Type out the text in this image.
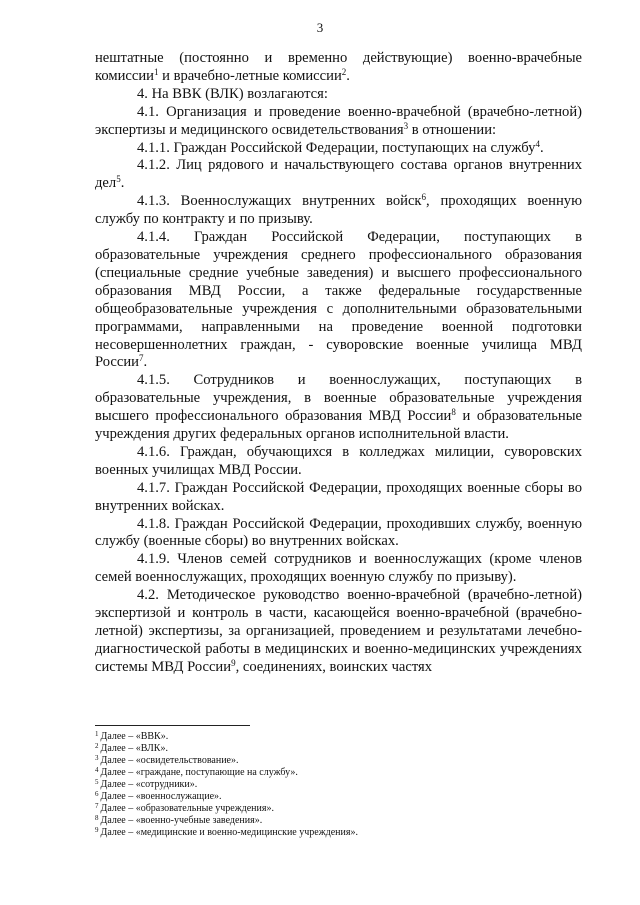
3

нештатные (постоянно и временно действующие) военно-врачебные комиссии$^1$ и врачебно-летные комиссии$^2$.

4. На ВВК (ВЛК) возлагаются:

4.1. Организация и проведение военно-врачебной (врачебно-летной) экспертизы и медицинского освидетельствования$^3$ в отношении:

4.1.1. Граждан Российской Федерации, поступающих на службу$^4$.

4.1.2. Лиц рядового и начальствующего состава органов внутренних дел$^5$.

4.1.3. Военнослужащих внутренних войск$^6$, проходящих военную службу по контракту и по призыву.

4.1.4. Граждан Российской Федерации, поступающих в образовательные учреждения среднего профессионального образования (специальные средние учебные заведения) и высшего профессионального образования МВД России, а также федеральные государственные общеобразовательные учреждения с дополнительными образовательными программами, направленными на проведение военной подготовки несовершеннолетних граждан, - суворовские военные училища МВД России$^7$.

4.1.5. Сотрудников и военнослужащих, поступающих в образовательные учреждения, в военные образовательные учреждения высшего профессионального образования МВД России$^8$ и образовательные учреждения других федеральных органов исполнительной власти.

4.1.6. Граждан, обучающихся в колледжах милиции, суворовских военных училищах МВД России.

4.1.7. Граждан Российской Федерации, проходящих военные сборы во внутренних войсках.

4.1.8. Граждан Российской Федерации, проходивших службу, военную службу (военные сборы) во внутренних войсках.

4.1.9. Членов семей сотрудников и военнослужащих (кроме членов семей военнослужащих, проходящих военную службу по призыву).

4.2. Методическое руководство военно-врачебной (врачебно-летной) экспертизой и контроль в части, касающейся военно-врачебной (врачебно-летной) экспертизы, за организацией, проведением и результатами лечебно-диагностической работы в медицинских и военно-медицинских учреждениях системы МВД России$^9$, соединениях, воинских частях

$^1$ Далее – «ВВК».

$^2$ Далее – «ВЛК».

$^3$ Далее – «освидетельствование».

$^4$ Далее – «граждане, поступающие на службу».

$^5$ Далее – «сотрудники».

$^6$ Далее – «военнослужащие».

$^7$ Далее – «образовательные учреждения».

$^8$ Далее – «военно-учебные заведения».

$^9$ Далее – «медицинские и военно-медицинские учреждения».
